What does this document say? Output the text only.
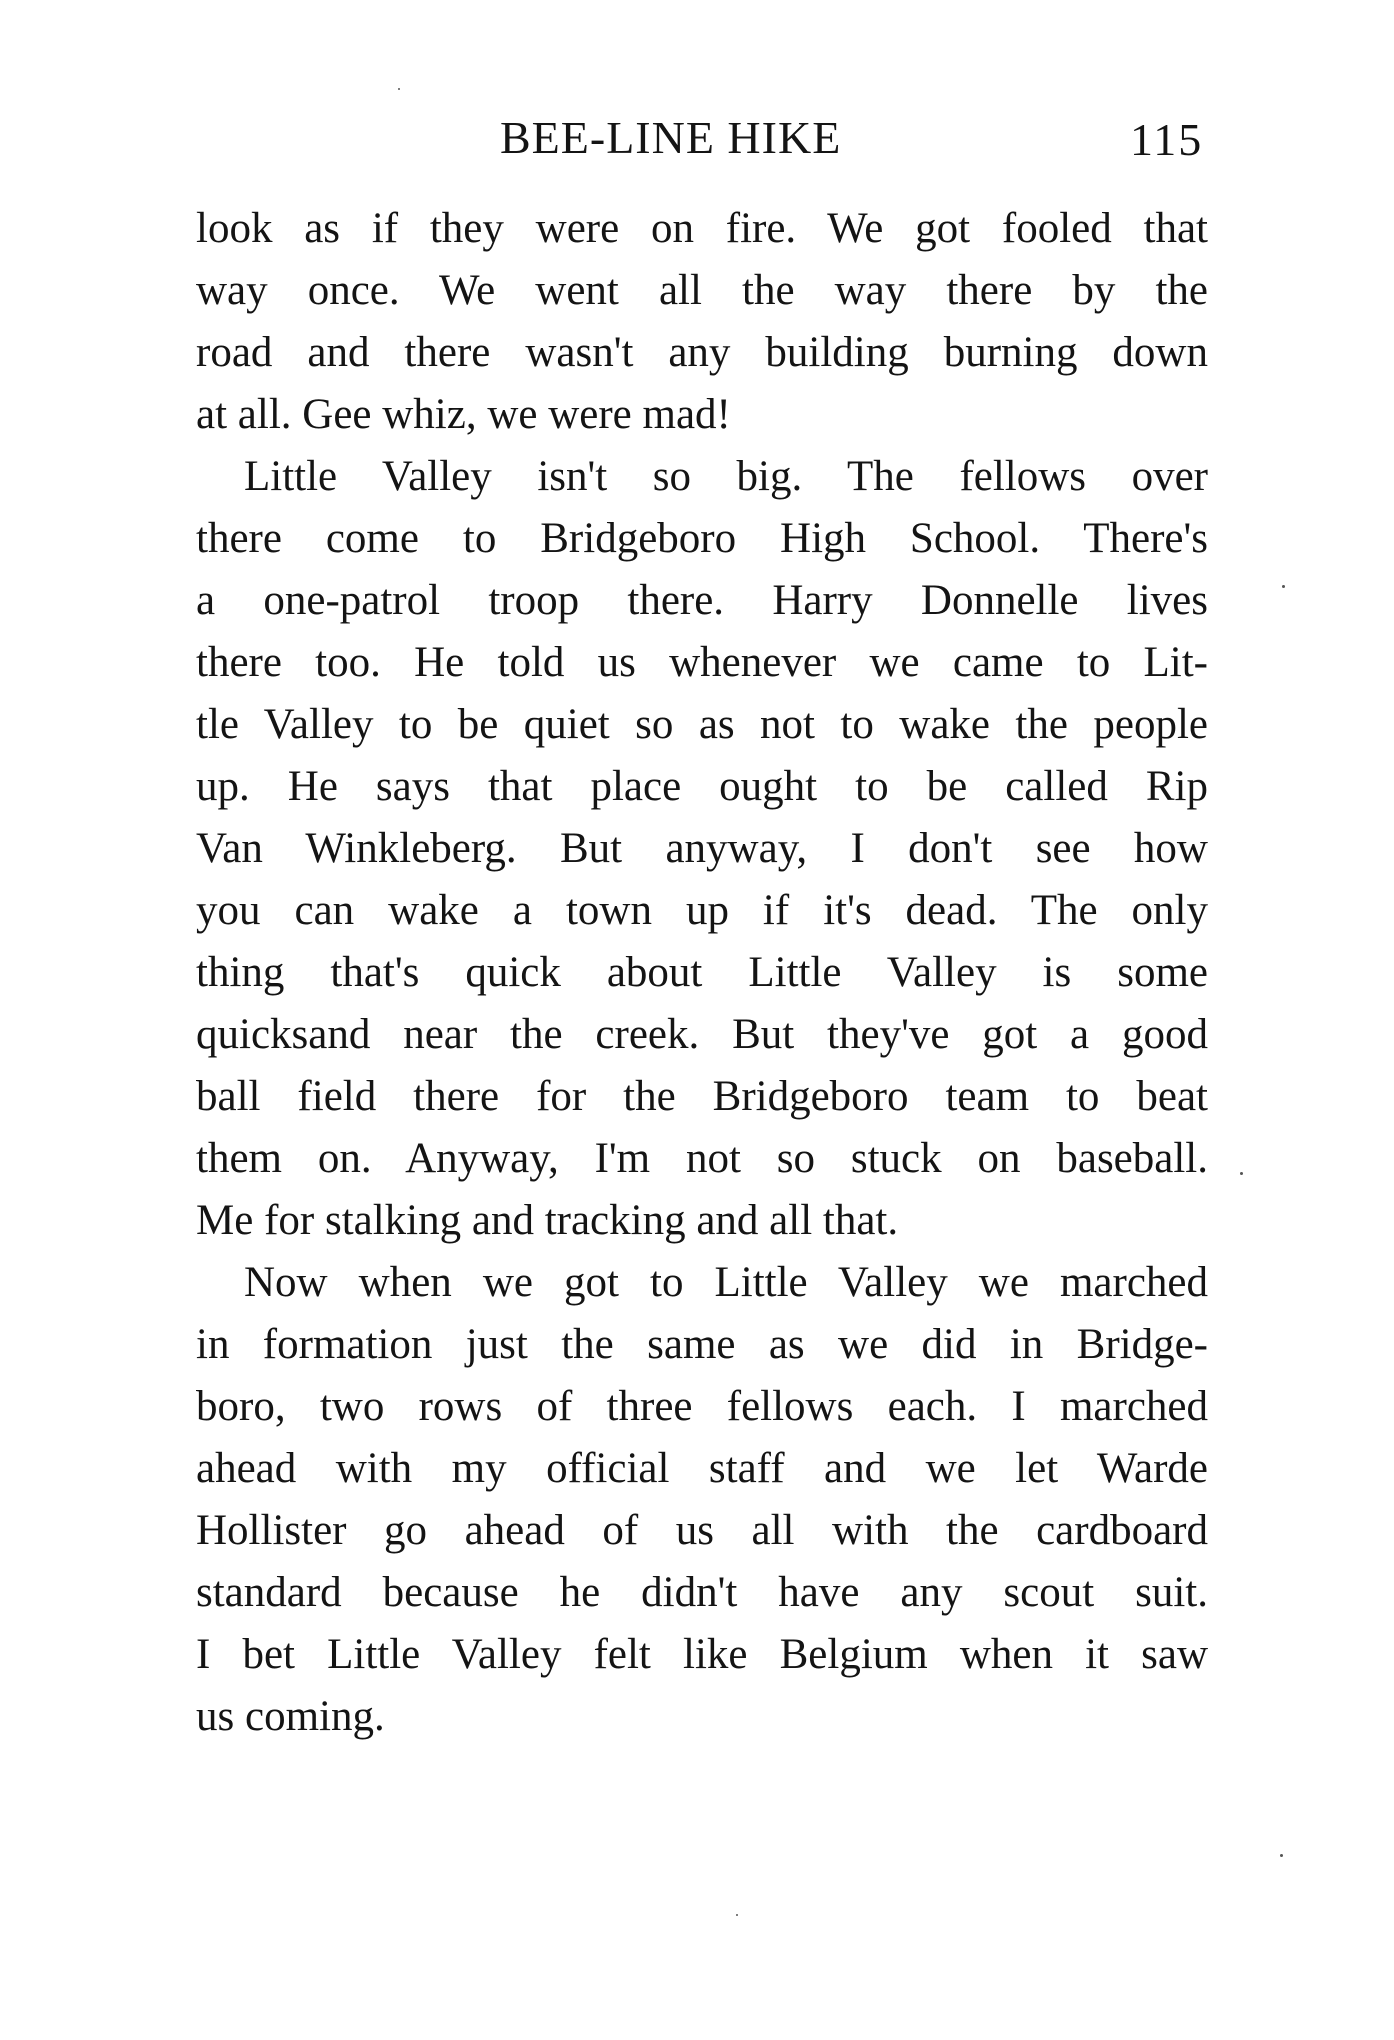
BEE-LINE HIKE	115
look as if they were on fire. We got fooled that
way once. We went all the way there by the
road and there wasn't any building burning down
at all. Gee whiz, we were mad!
Little Valley isn't so big. The fellows over
there come to Bridgeboro High School. There's
a one-patrol troop there. Harry Donnelle lives
there too. He told us whenever we came to Lit-
tle Valley to be quiet so as not to wake the people
up. He says that place ought to be called Rip
Van Winkleberg. But anyway, I don't see how
you can wake a town up if it's dead. The only
thing that's quick about Little Valley is some
quicksand near the creek. But they've got a good
ball field there for the Bridgeboro team to beat
them on. Anyway, I'm not so stuck on baseball.
Me for stalking and tracking and all that.
Now when we got to Little Valley we marched
in formation just the same as we did in Bridge-
boro, two rows of three fellows each. I marched
ahead with my official staff and we let Warde
Hollister go ahead of us all with the cardboard
standard because he didn't have any scout suit.
I bet Little Valley felt like Belgium when it saw
us coming.
